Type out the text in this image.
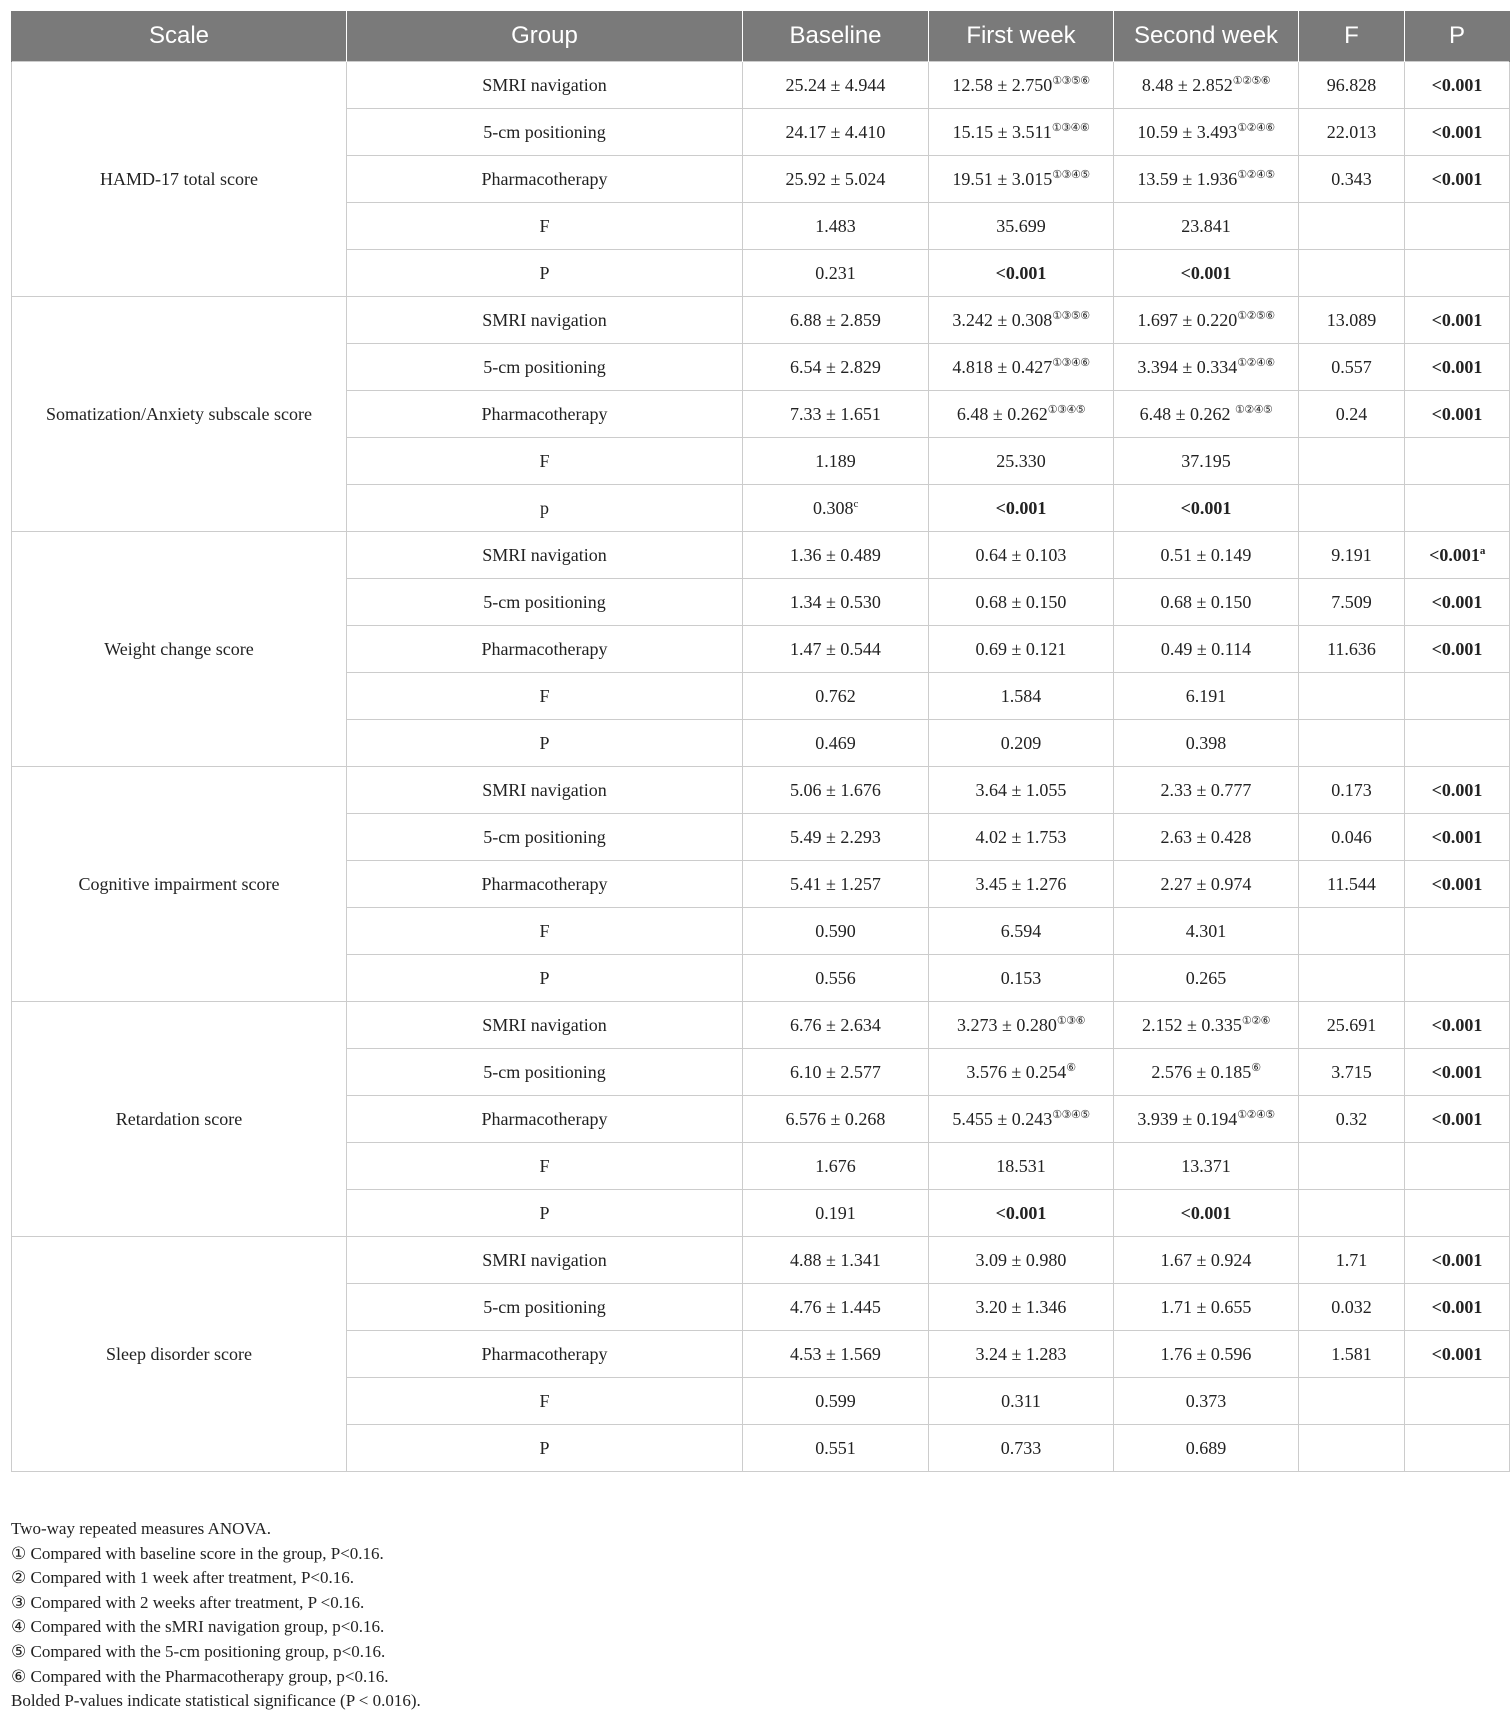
Scale	Group	Baseline	First week	Second week	F	P
HAMD-17 total score	SMRI navigation	25.24 ± 4.944	12.58 ± 2.750①③⑤⑥	8.48 ± 2.852①②⑤⑥	96.828	<0.001
	5-cm positioning	24.17 ± 4.410	15.15 ± 3.511①③④⑥	10.59 ± 3.493①②④⑥	22.013	<0.001
	Pharmacotherapy	25.92 ± 5.024	19.51 ± 3.015①③④⑤	13.59 ± 1.936①②④⑤	0.343	<0.001
	F	1.483	35.699	23.841		
	P	0.231	<0.001	<0.001		
Somatization/Anxiety subscale score	SMRI navigation	6.88 ± 2.859	3.242 ± 0.308①③⑤⑥	1.697 ± 0.220①②⑤⑥	13.089	<0.001
	5-cm positioning	6.54 ± 2.829	4.818 ± 0.427①③④⑥	3.394 ± 0.334①②④⑥	0.557	<0.001
	Pharmacotherapy	7.33 ± 1.651	6.48 ± 0.262①③④⑤	6.48 ± 0.262 ①②④⑤	0.24	<0.001
	F	1.189	25.330	37.195		
	p	0.308$^c$	<0.001	<0.001		
Weight change score	SMRI navigation	1.36 ± 0.489	0.64 ± 0.103	0.51 ± 0.149	9.191	<0.001$^a$
	5-cm positioning	1.34 ± 0.530	0.68 ± 0.150	0.68 ± 0.150	7.509	<0.001
	Pharmacotherapy	1.47 ± 0.544	0.69 ± 0.121	0.49 ± 0.114	11.636	<0.001
	F	0.762	1.584	6.191		
	P	0.469	0.209	0.398		
Cognitive impairment score	SMRI navigation	5.06 ± 1.676	3.64 ± 1.055	2.33 ± 0.777	0.173	<0.001
	5-cm positioning	5.49 ± 2.293	4.02 ± 1.753	2.63 ± 0.428	0.046	<0.001
	Pharmacotherapy	5.41 ± 1.257	3.45 ± 1.276	2.27 ± 0.974	11.544	<0.001
	F	0.590	6.594	4.301		
	P	0.556	0.153	0.265		
Retardation score	SMRI navigation	6.76 ± 2.634	3.273 ± 0.280①③⑥	2.152 ± 0.335①②⑥	25.691	<0.001
	5-cm positioning	6.10 ± 2.577	3.576 ± 0.254⑥	2.576 ± 0.185⑥	3.715	<0.001
	Pharmacotherapy	6.576 ± 0.268	5.455 ± 0.243①③④⑤	3.939 ± 0.194①②④⑤	0.32	<0.001
	F	1.676	18.531	13.371		
	P	0.191	<0.001	<0.001		
Sleep disorder score	SMRI navigation	4.88 ± 1.341	3.09 ± 0.980	1.67 ± 0.924	1.71	<0.001
	5-cm positioning	4.76 ± 1.445	3.20 ± 1.346	1.71 ± 0.655	0.032	<0.001
	Pharmacotherapy	4.53 ± 1.569	3.24 ± 1.283	1.76 ± 0.596	1.581	<0.001
	F	0.599	0.311	0.373		
	P	0.551	0.733	0.689		
Two-way repeated measures ANOVA.
① Compared with baseline score in the group, P<0.16.
② Compared with 1 week after treatment, P<0.16.
③ Compared with 2 weeks after treatment, P <0.16.
④ Compared with the sMRI navigation group, p<0.16.
⑤ Compared with the 5-cm positioning group, p<0.16.
⑥ Compared with the Pharmacotherapy group, p<0.16.
Bolded P-values indicate statistical significance (P < 0.016).
